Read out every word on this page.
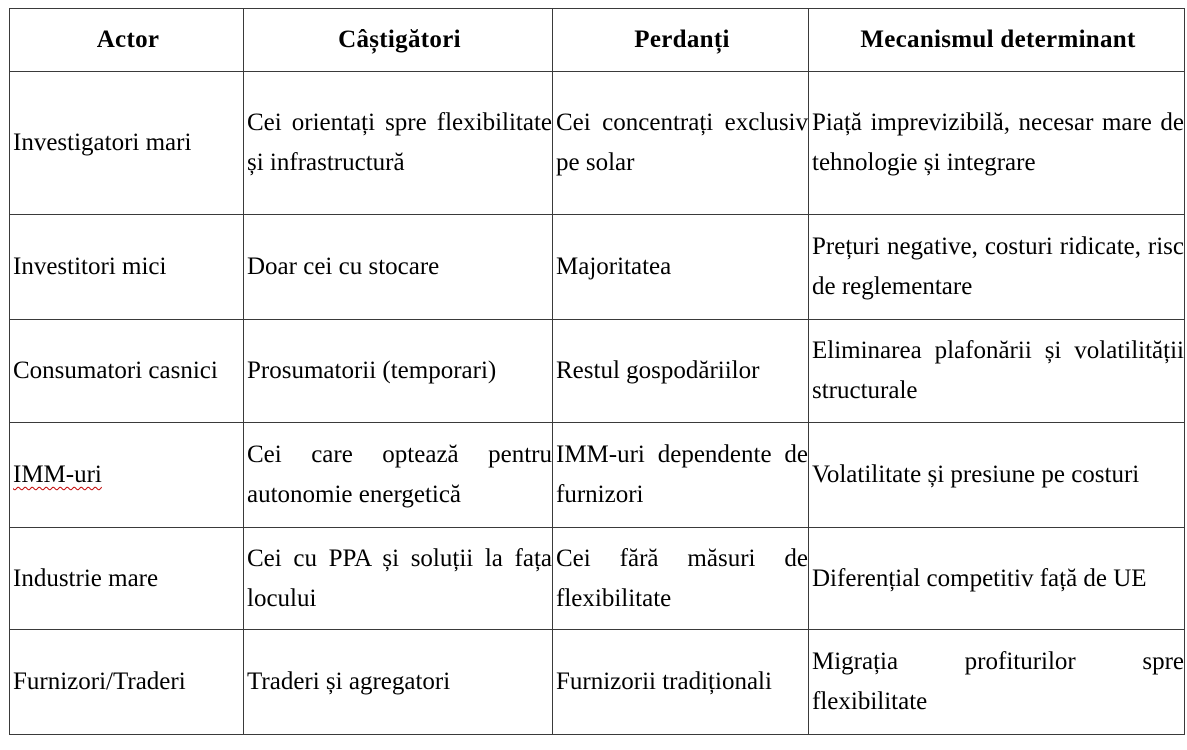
Actor	Câștigători	Perdanți	Mecanismul determinant
Investigatori mari	Cei orientați spre flexibilitate și infrastructură	Cei concentrați exclusiv pe solar	Piață imprevizibilă, necesar mare de tehnologie și integrare
Investitori mici	Doar cei cu stocare	Majoritatea	Prețuri negative, costuri ridicate, risc de reglementare
Consumatori casnici	Prosumatorii (temporari)	Restul gospodăriilor	Eliminarea plafonării și volatilității structurale
IMM-uri	Cei care optează pentru autonomie energetică	IMM-uri dependente de furnizori	Volatilitate și presiune pe costuri
Industrie mare	Cei cu PPA și soluții la fața locului	Cei fără măsuri de flexibilitate	Diferențial competitiv față de UE
Furnizori/Traderi	Traderi și agregatori	Furnizorii tradiționali	Migrația profiturilor spre flexibilitate
